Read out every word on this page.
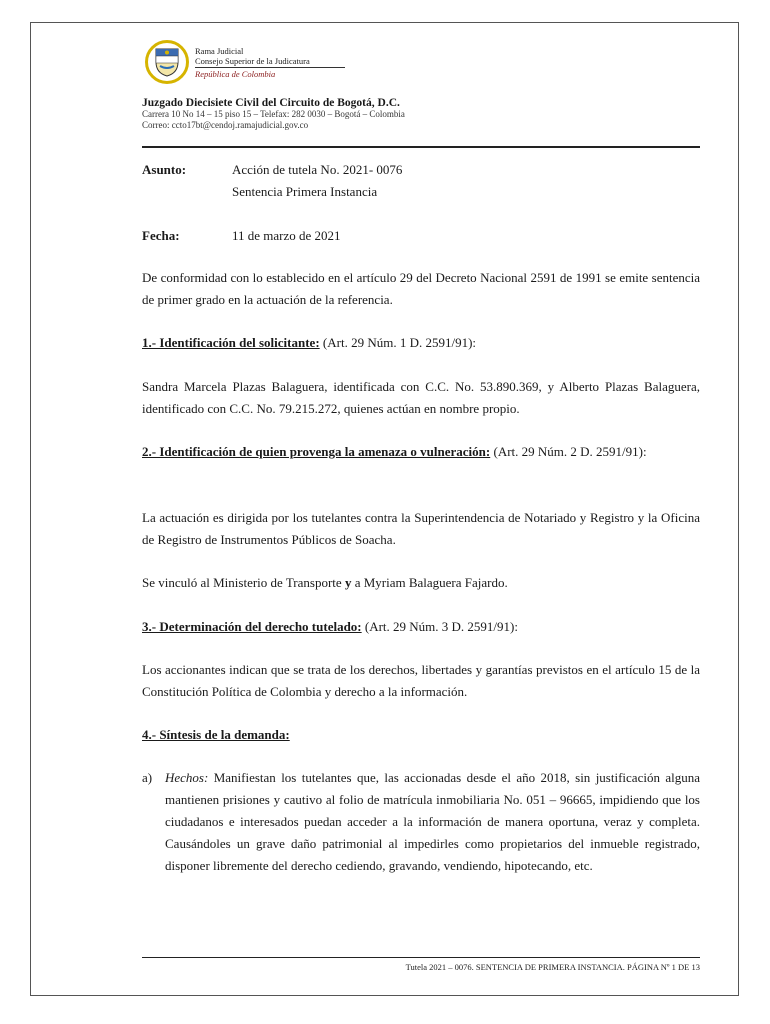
Rama Judicial
Consejo Superior de la Judicatura
República de Colombia
Juzgado Diecisiete Civil del Circuito de Bogotá, D.C.
Carrera 10 No 14 – 15 piso 15 – Telefax: 282 0030 – Bogotá – Colombia
Correo: ccto17bt@cendoj.ramajudicial.gov.co
Asunto:	Acción de tutela No. 2021- 0076
Sentencia Primera Instancia
Fecha:	11 de marzo de 2021
De conformidad con lo establecido en el artículo 29 del Decreto Nacional 2591 de 1991 se emite sentencia de primer grado en la actuación de la referencia.
1.- Identificación del solicitante: (Art. 29 Núm. 1 D. 2591/91):
Sandra Marcela Plazas Balaguera, identificada con C.C. No. 53.890.369, y Alberto Plazas Balaguera, identificado con C.C. No. 79.215.272, quienes actúan en nombre propio.
2.- Identificación de quien provenga la amenaza o vulneración: (Art. 29 Núm. 2 D. 2591/91):
La actuación es dirigida por los tutelantes contra la Superintendencia de Notariado y Registro y la Oficina de Registro de Instrumentos Públicos de Soacha.
Se vinculó al Ministerio de Transporte y a Myriam Balaguera Fajardo.
3.- Determinación del derecho tutelado: (Art. 29 Núm. 3 D. 2591/91):
Los accionantes indican que se trata de los derechos, libertades y garantías previstos en el artículo 15 de la Constitución Política de Colombia y derecho a la información.
4.- Síntesis de la demanda:
a) Hechos: Manifiestan los tutelantes que, las accionadas desde el año 2018, sin justificación alguna mantienen prisiones y cautivo al folio de matrícula inmobiliaria No. 051 – 96665, impidiendo que los ciudadanos e interesados puedan acceder a la información de manera oportuna, veraz y completa. Causándoles un grave daño patrimonial al impedirles como propietarios del inmueble registrado, disponer libremente del derecho cediendo, gravando, vendiendo, hipotecando, etc.
Tutela 2021 – 0076. SENTENCIA DE PRIMERA INSTANCIA. PÁGINA Nº 1 DE 13
